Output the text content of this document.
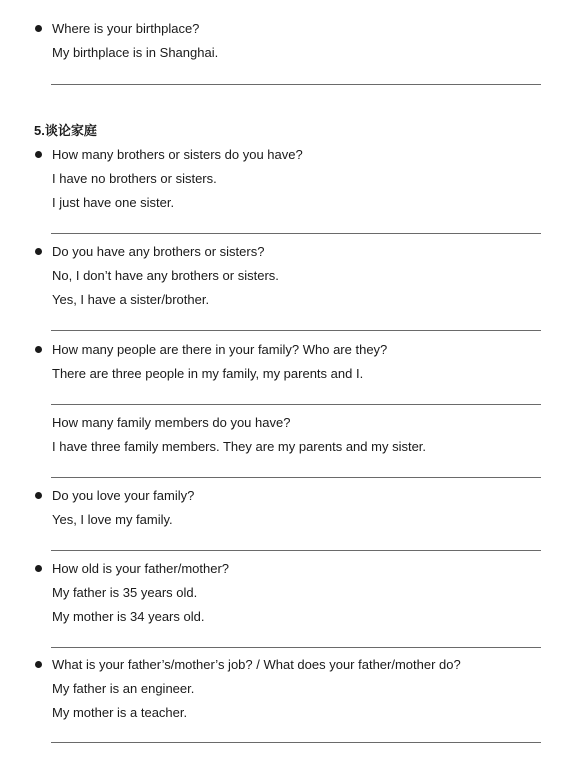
Where is your birthplace?
My birthplace is in Shanghai.
5.谈论家庭
How many brothers or sisters do you have?
I have no brothers or sisters.
I just have one sister.
Do you have any brothers or sisters?
No, I don’t have any brothers or sisters.
Yes, I have a sister/brother.
How many people are there in your family? Who are they?
There are three people in my family, my parents and I.
How many family members do you have?
I have three family members. They are my parents and my sister.
Do you love your family?
Yes, I love my family.
How old is your father/mother?
My father is 35 years old.
My mother is 34 years old.
What is your father’s/mother’s job? / What does your father/mother do?
My father is an engineer.
My mother is a teacher.
